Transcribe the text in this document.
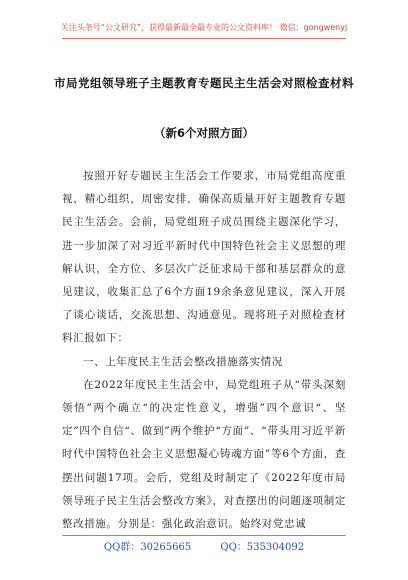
关注头条号“公文研究”，获得最新最全最专业的公文资料库！ 微信：gongwenyj
市局党组领导班子主题教育专题民主生活会对照检查材料
（新6个对照方面）

按照开好专题民主生活会工作要求，市局党组高度重视，精心组织，周密安排，确保高质量开好主题教育专题民主生活会。会前，局党组班子成员围绕主题深化学习，进一步加深了对习近平新时代中国特色社会主义思想的理解认识，全方位、多层次广泛征求局干部和基层群众的意见建议，收集汇总了6个方面19余条意见建议，深入开展了谈心谈话，交流思想、沟通意见。现将班子对照检查材料汇报如下：

一、上年度民主生活会整改措施落实情况

在2022年度民主生活会中，局党组班子从“带头深刻领悟”两个确立“的决定性意义，增强”四个意识“、坚定”四个自信“、做到”两个维护“方面”、“带头用习近平新时代中国特色社会主义思想凝心铸魂方面”等6个方面，查摆出问题17项。会后，党组及时制定了《2022年度市局领导班子民主生活会整改方案》，对查摆出的问题逐项制定整改措施。分别是：强化政治意识。始终对党忠诚

QQ群：30265665	QQ：535304092
